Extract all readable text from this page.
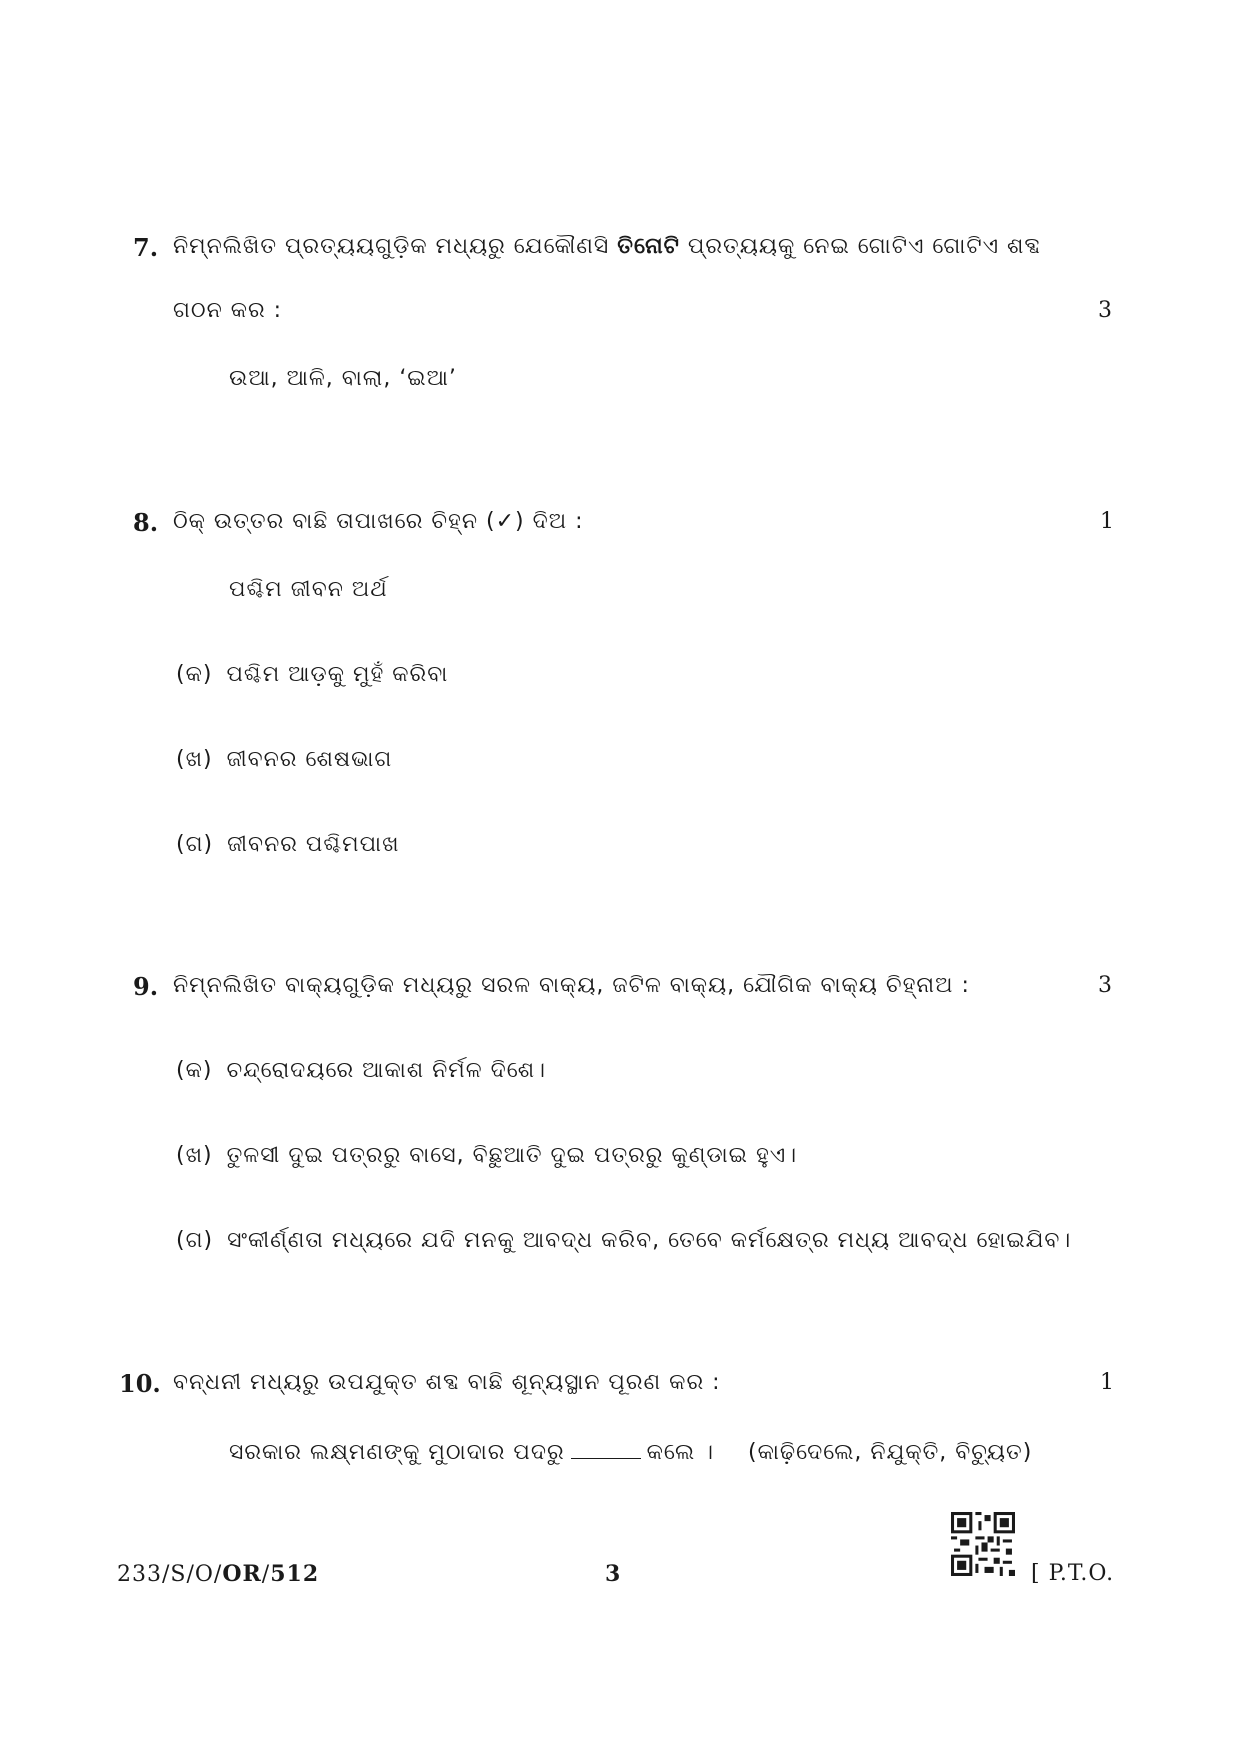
7. ନିମ୍ନଲିଖିତ ପ୍ରତ୍ୟୟଗୁଡ଼ିକ ମଧ୍ୟରୁ ଯେକୌଣସି ତିନୋଟି ପ୍ରତ୍ୟୟକୁ ନେଇ ଗୋଟିଏ ଗୋଟିଏ ଶବ୍ଦ
ଗଠନ କର :	3
ଉଆ, ଆଳି, ବାଲା, ‘ଇଆ’
8. ଠିକ୍ ଉତ୍ତର ବାଛି ତାପାଖରେ ଚିହ୍ନ (✓) ଦିଅ :	1
ପଶ୍ଚିମ ଜୀବନ ଅର୍ଥ
(କ) ପଶ୍ଚିମ ଆଡ଼କୁ ମୁହଁ କରିବା
(ଖ) ଜୀବନର ଶେଷଭାଗ
(ଗ) ଜୀବନର ପଶ୍ଚିମପାଖ
9. ନିମ୍ନଲିଖିତ ବାକ୍ୟଗୁଡ଼ିକ ମଧ୍ୟରୁ ସରଳ ବାକ୍ୟ, ଜଟିଳ ବାକ୍ୟ, ଯୌଗିକ ବାକ୍ୟ ଚିହ୍ନାଅ :	3
(କ) ଚନ୍ଦ୍ରୋଦୟରେ ଆକାଶ ନିର୍ମଳ ଦିଶେ।
(ଖ) ତୁଳସୀ ଦୁଇ ପତ୍ରରୁ ବାସେ, ବିଛୁଆତି ଦୁଇ ପତ୍ରରୁ କୁଣ୍ଡାଇ ହୁଏ।
(ଗ) ସଂକୀର୍ଣ୍ଣତା ମଧ୍ୟରେ ଯଦି ମନକୁ ଆବଦ୍ଧ କରିବ, ତେବେ କର୍ମକ୍ଷେତ୍ର ମଧ୍ୟ ଆବଦ୍ଧ ହୋଇଯିବ।
10. ବନ୍ଧନୀ ମଧ୍ୟରୁ ଉପଯୁକ୍ତ ଶବ୍ଦ ବାଛି ଶୂନ୍ୟସ୍ଥାନ ପୂରଣ କର :	1
ସରକାର ଲକ୍ଷ୍ମଣଙ୍କୁ ମୁଠାଦାର ପଦରୁ	କଲେ । (କାଢ଼ିଦେଲେ, ନିଯୁକ୍ତି, ବିଚ୍ୟୁତ)
233/S/O/OR/512	3	[ P.T.O.
